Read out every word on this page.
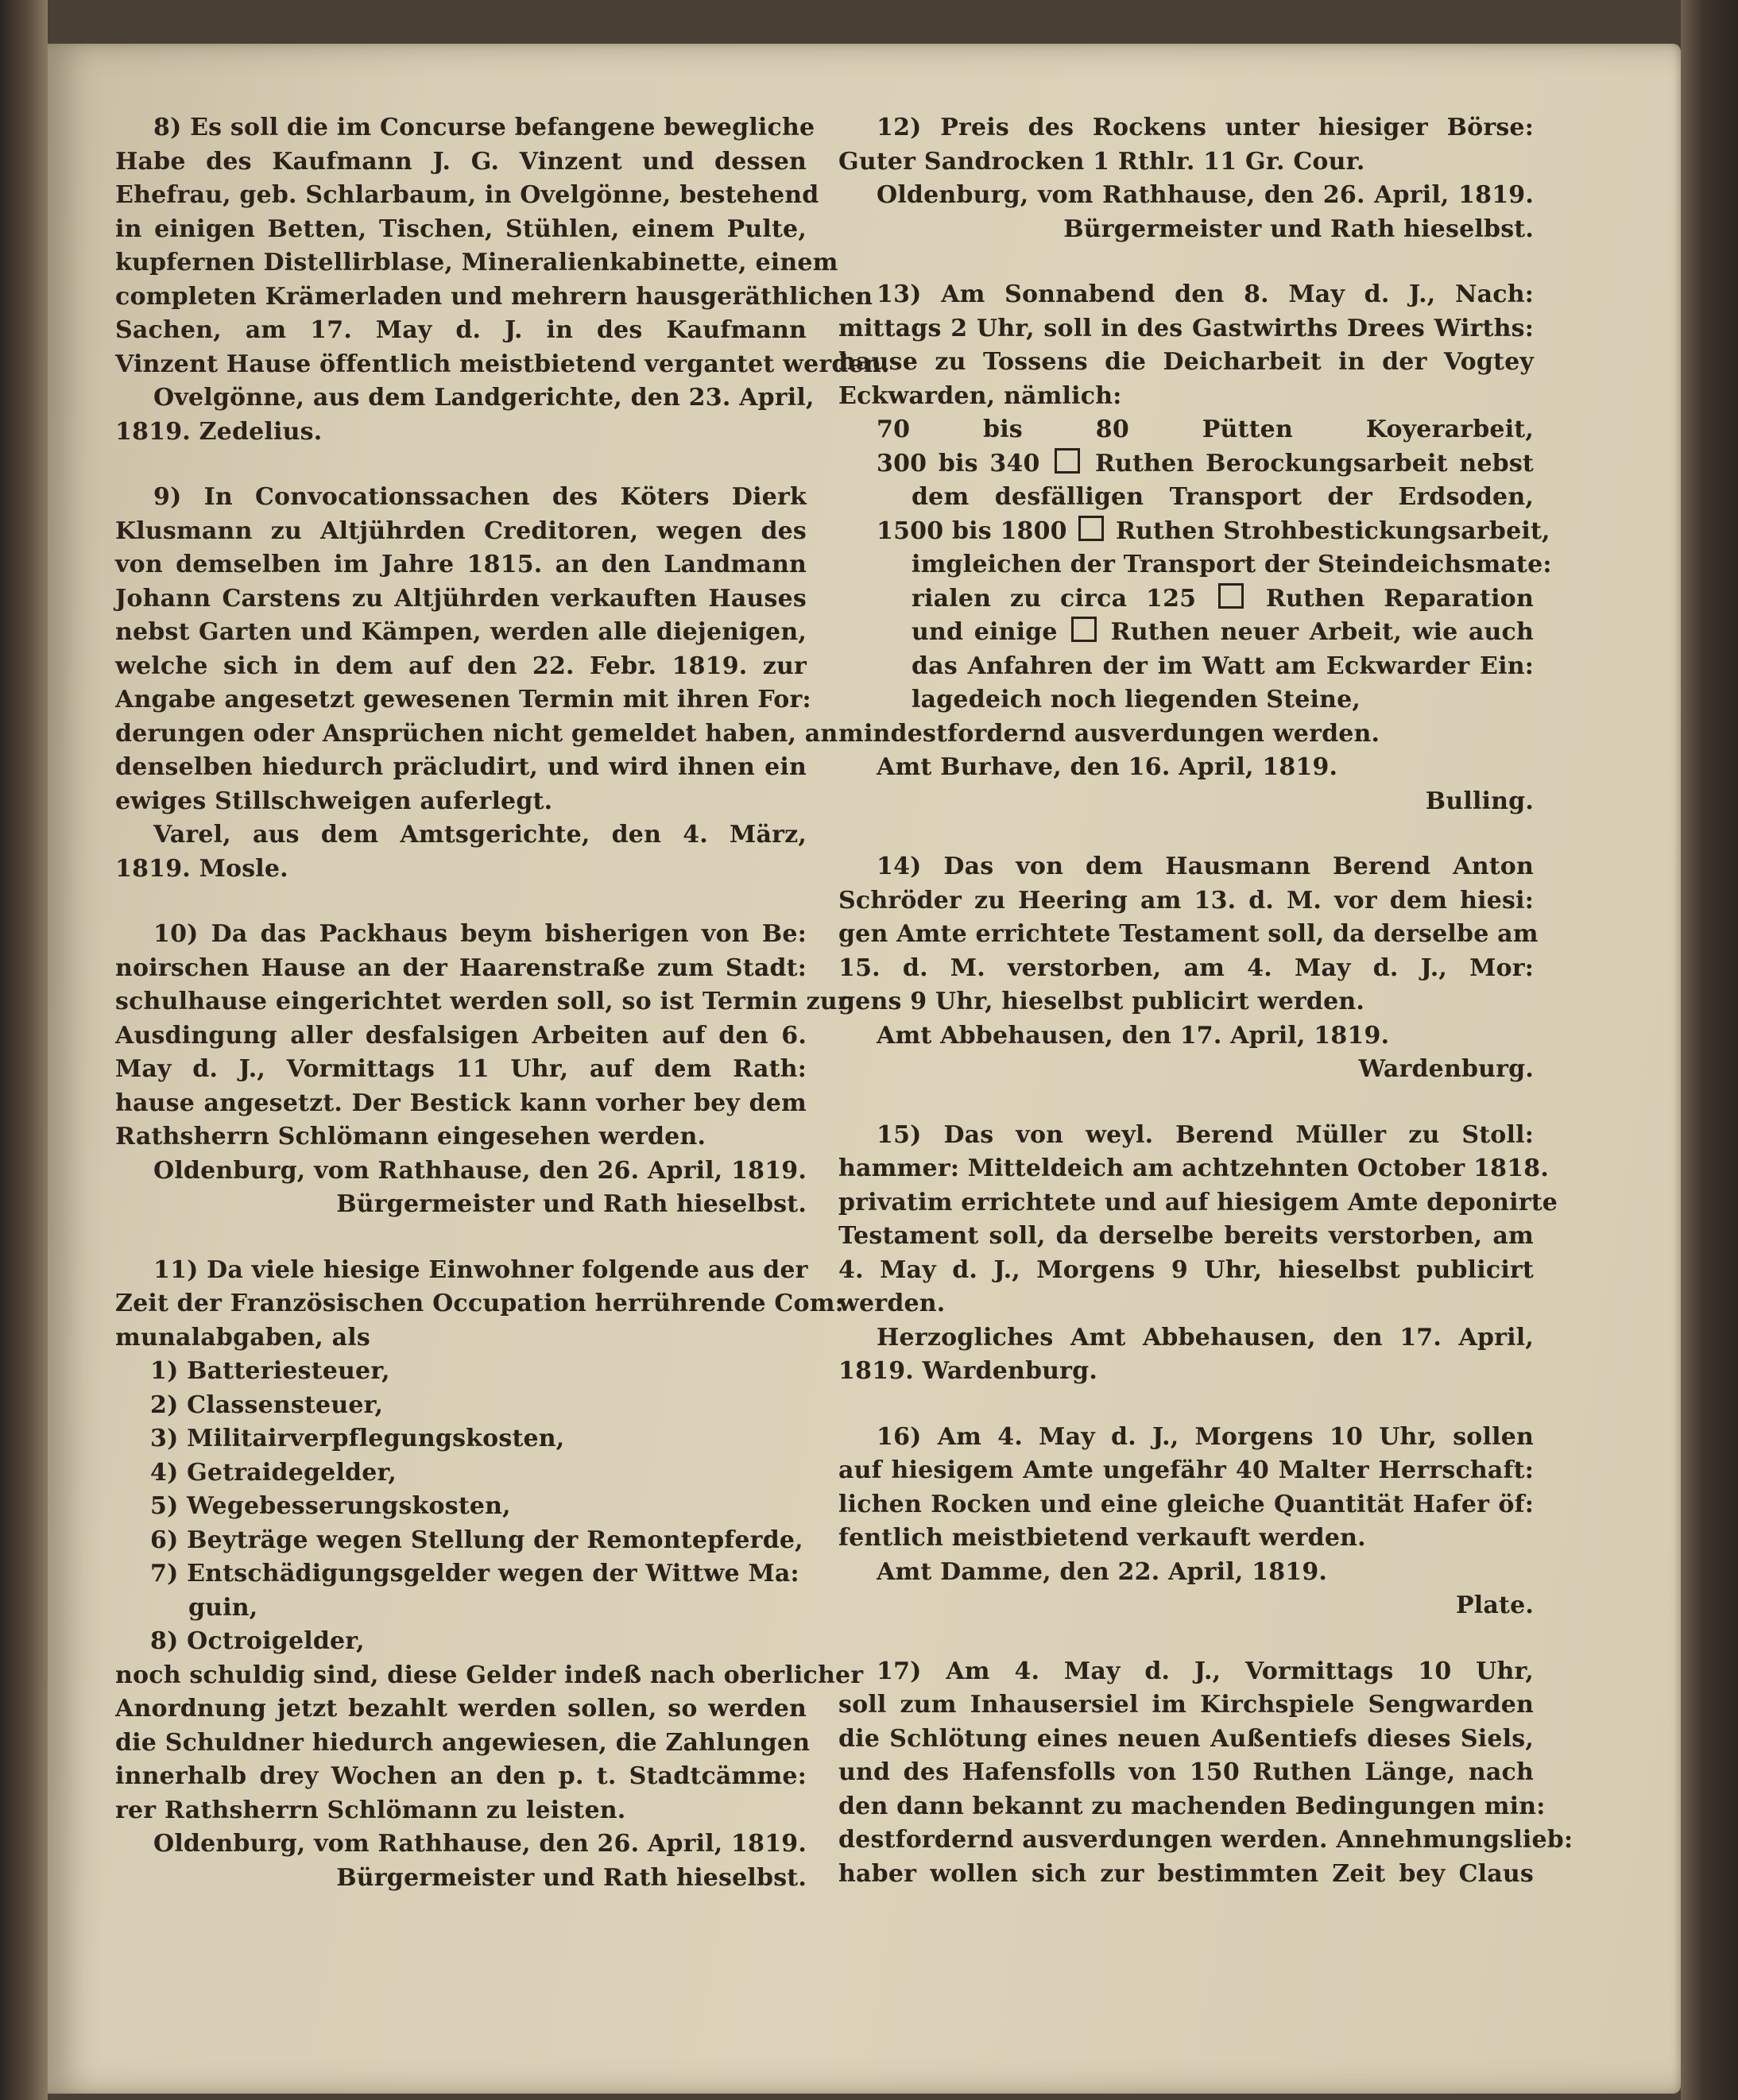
8) Es soll die im Concurse befangene bewegliche
Habe des Kaufmann J. G. Vinzent und dessen
Ehefrau, geb. Schlarbaum, in Ovelgönne, bestehend
in einigen Betten, Tischen, Stühlen, einem Pulte,
kupfernen Distellirblase, Mineralienkabinette, einem
completen Krämerladen und mehrern hausgeräthlichen
Sachen, am 17. May d. J. in des Kaufmann
Vinzent Hause öffentlich meistbietend vergantet werden.
Ovelgönne, aus dem Landgerichte, den 23. April,
1819. Zedelius.
9) In Convocationssachen des Köters Dierk
Klusmann zu Altjührden Creditoren, wegen des
von demselben im Jahre 1815. an den Landmann
Johann Carstens zu Altjührden verkauften Hauses
nebst Garten und Kämpen, werden alle diejenigen,
welche sich in dem auf den 22. Febr. 1819. zur
Angabe angesetzt gewesenen Termin mit ihren For:
derungen oder Ansprüchen nicht gemeldet haben, an
denselben hiedurch präcludirt, und wird ihnen ein
ewiges Stillschweigen auferlegt.
Varel, aus dem Amtsgerichte, den 4. März,
1819. Mosle.
10) Da das Packhaus beym bisherigen von Be:
noirschen Hause an der Haarenstraße zum Stadt:
schulhause eingerichtet werden soll, so ist Termin zur
Ausdingung aller desfalsigen Arbeiten auf den 6.
May d. J., Vormittags 11 Uhr, auf dem Rath:
hause angesetzt. Der Bestick kann vorher bey dem
Rathsherrn Schlömann eingesehen werden.
Oldenburg, vom Rathhause, den 26. April, 1819.
Bürgermeister und Rath hieselbst.
11) Da viele hiesige Einwohner folgende aus der
Zeit der Französischen Occupation herrührende Com:
munalabgaben, als
1) Batteriesteuer,
2) Classensteuer,
3) Militairverpflegungskosten,
4) Getraidegelder,
5) Wegebesserungskosten,
6) Beyträge wegen Stellung der Remontepferde,
7) Entschädigungsgelder wegen der Wittwe Ma:
guin,
8) Octroigelder,
noch schuldig sind, diese Gelder indeß nach oberlicher
Anordnung jetzt bezahlt werden sollen, so werden
die Schuldner hiedurch angewiesen, die Zahlungen
innerhalb drey Wochen an den p. t. Stadtcämme:
rer Rathsherrn Schlömann zu leisten.
Oldenburg, vom Rathhause, den 26. April, 1819.
Bürgermeister und Rath hieselbst.
12) Preis des Rockens unter hiesiger Börse:
Guter Sandrocken 1 Rthlr. 11 Gr. Cour.
Oldenburg, vom Rathhause, den 26. April, 1819.
Bürgermeister und Rath hieselbst.
13) Am Sonnabend den 8. May d. J., Nach:
mittags 2 Uhr, soll in des Gastwirths Drees Wirths:
hause zu Tossens die Deicharbeit in der Vogtey
Eckwarden, nämlich:
70 bis 80 Pütten Koyerarbeit,
300 bis 340  Ruthen Berockungsarbeit nebst
dem desfälligen Transport der Erdsoden,
1500 bis 1800  Ruthen Strohbestickungsarbeit,
imgleichen der Transport der Steindeichsmate:
rialen zu circa 125  Ruthen Reparation
und einige  Ruthen neuer Arbeit, wie auch
das Anfahren der im Watt am Eckwarder Ein:
lagedeich noch liegenden Steine,
mindestfordernd ausverdungen werden.
Amt Burhave, den 16. April, 1819.
Bulling.
14) Das von dem Hausmann Berend Anton
Schröder zu Heering am 13. d. M. vor dem hiesi:
gen Amte errichtete Testament soll, da derselbe am
15. d. M. verstorben, am 4. May d. J., Mor:
gens 9 Uhr, hieselbst publicirt werden.
Amt Abbehausen, den 17. April, 1819.
Wardenburg.
15) Das von weyl. Berend Müller zu Stoll:
hammer: Mitteldeich am achtzehnten October 1818.
privatim errichtete und auf hiesigem Amte deponirte
Testament soll, da derselbe bereits verstorben, am
4. May d. J., Morgens 9 Uhr, hieselbst publicirt
werden.
Herzogliches Amt Abbehausen, den 17. April,
1819. Wardenburg.
16) Am 4. May d. J., Morgens 10 Uhr, sollen
auf hiesigem Amte ungefähr 40 Malter Herrschaft:
lichen Rocken und eine gleiche Quantität Hafer öf:
fentlich meistbietend verkauft werden.
Amt Damme, den 22. April, 1819.
Plate.
17) Am 4. May d. J., Vormittags 10 Uhr,
soll zum Inhausersiel im Kirchspiele Sengwarden
die Schlötung eines neuen Außentiefs dieses Siels,
und des Hafensfolls von 150 Ruthen Länge, nach
den dann bekannt zu machenden Bedingungen min:
destfordernd ausverdungen werden. Annehmungslieb:
haber wollen sich zur bestimmten Zeit bey Claus
